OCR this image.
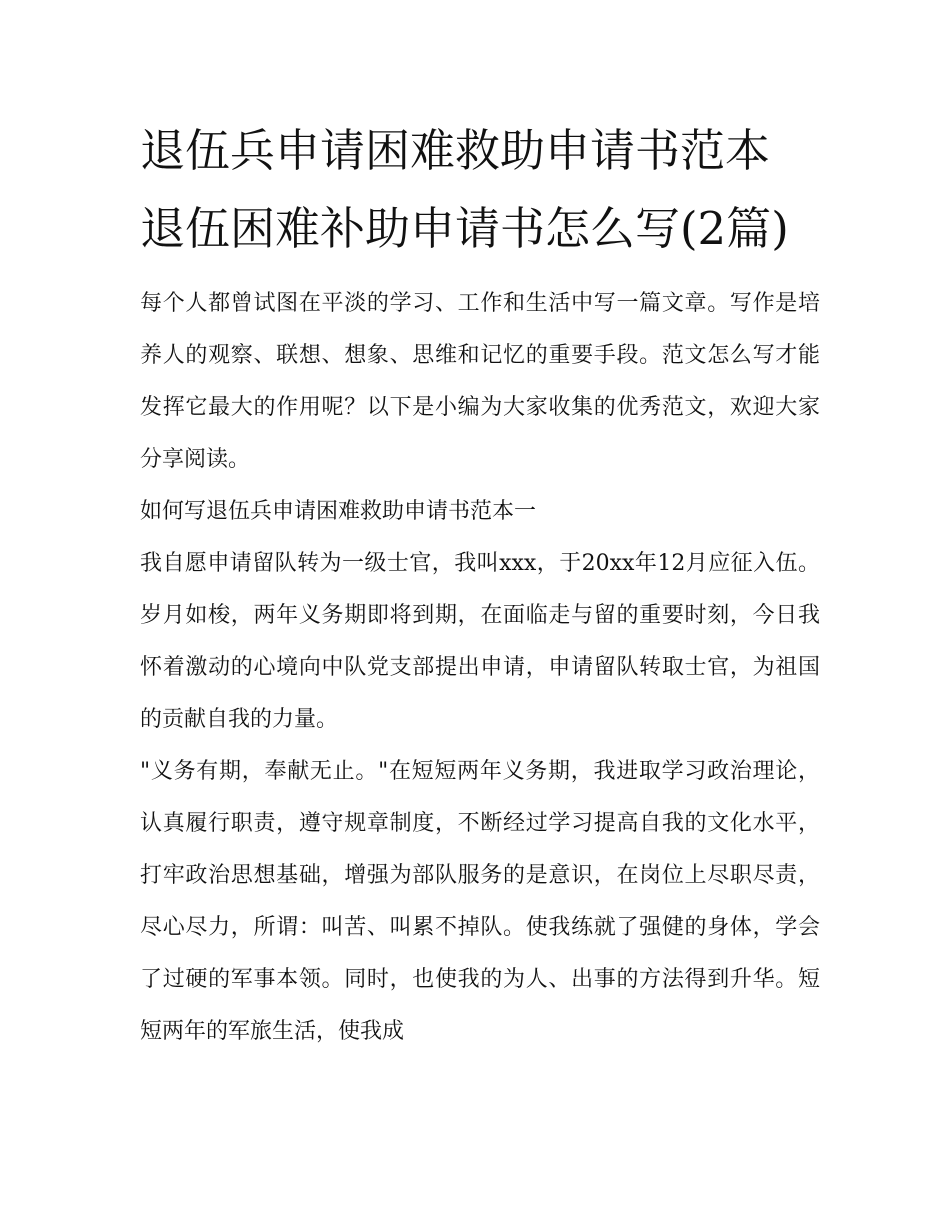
退伍兵申请困难救助申请书范本 退伍困难补助申请书怎么写(2篇)

每个人都曾试图在平淡的学习、工作和生活中写一篇文章。写作是培养人的观察、联想、想象、思维和记忆的重要手段。范文怎么写才能发挥它最大的作用呢？以下是小编为大家收集的优秀范文，欢迎大家分享阅读。

如何写退伍兵申请困难救助申请书范本一

我自愿申请留队转为一级士官，我叫xxx，于20xx年12月应征入伍。岁月如梭，两年义务期即将到期，在面临走与留的重要时刻，今日我怀着激动的心境向中队党支部提出申请，申请留队转取士官，为祖国的贡献自我的力量。

"义务有期，奉献无止。"在短短两年义务期，我进取学习政治理论，认真履行职责，遵守规章制度，不断经过学习提高自我的文化水平，打牢政治思想基础，增强为部队服务的是意识，在岗位上尽职尽责，尽心尽力，所谓：叫苦、叫累不掉队。使我练就了强健的身体，学会了过硬的军事本领。同时，也使我的为人、出事的方法得到升华。短短两年的军旅生活，使我成
